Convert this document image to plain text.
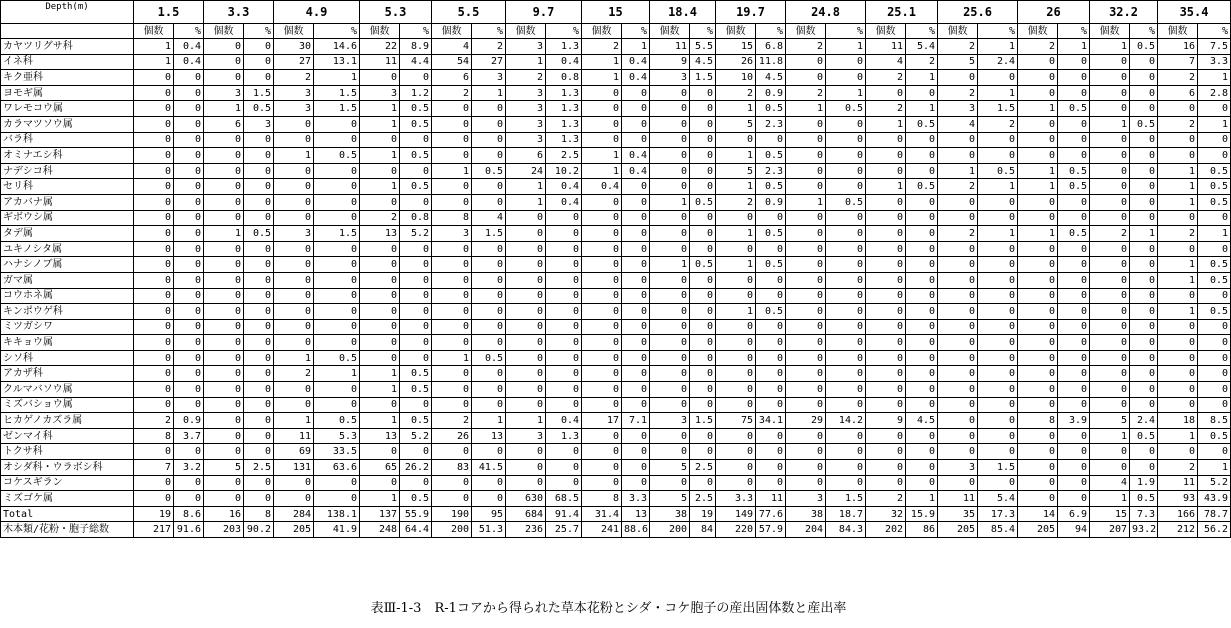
Depth(m)	1.5		3.3		4.9		5.3		5.5		9.7		15		18.4		19.7		24.8		25.1		25.6		26		32.2		35.4	
	個数	%	個数	%	個数	%	個数	%	個数	%	個数	%	個数	%	個数	%	個数	%	個数	%	個数	%	個数	%	個数	%	個数	%	個数	%
カヤツリグサ科	1	0.4	0	0	30	14.6	22	8.9	4	2	3	1.3	2	1	11	5.5	15	6.8	2	1	11	5.4	2	1	2	1	1	0.5	16	7.5
イネ科	1	0.4	0	0	27	13.1	11	4.4	54	27	1	0.4	1	0.4	9	4.5	26	11.8	0	0	4	2	5	2.4	0	0	0	0	7	3.3
キク亜科	0	0	0	0	2	1	0	0	6	3	2	0.8	1	0.4	3	1.5	10	4.5	0	0	2	1	0	0	0	0	0	0	2	1
ヨモギ属	0	0	3	1.5	3	1.5	3	1.2	2	1	3	1.3	0	0	0	0	2	0.9	2	1	0	0	2	1	0	0	0	0	6	2.8
ワレモコウ属	0	0	1	0.5	3	1.5	1	0.5	0	0	3	1.3	0	0	0	0	1	0.5	1	0.5	2	1	3	1.5	1	0.5	0	0	0	0
カラマツソウ属	0	0	6	3	0	0	1	0.5	0	0	3	1.3	0	0	0	0	5	2.3	0	0	1	0.5	4	2	0	0	1	0.5	2	1
バラ科	0	0	0	0	0	0	0	0	0	0	3	1.3	0	0	0	0	0	0	0	0	0	0	0	0	0	0	0	0	0	0
オミナエシ科	0	0	0	0	1	0.5	1	0.5	0	0	6	2.5	1	0.4	0	0	1	0.5	0	0	0	0	0	0	0	0	0	0	0	0
ナデシコ科	0	0	0	0	0	0	0	0	1	0.5	24	10.2	1	0.4	0	0	5	2.3	0	0	0	0	1	0.5	1	0.5	0	0	1	0.5
セリ科	0	0	0	0	0	0	1	0.5	0	0	1	0.4	0.4	0	0	0	1	0.5	0	0	1	0.5	2	1	1	0.5	0	0	1	0.5
アカバナ属	0	0	0	0	0	0	0	0	0	0	1	0.4	0	0	1	0.5	2	0.9	1	0.5	0	0	0	0	0	0	0	0	1	0.5
ギボウシ属	0	0	0	0	0	0	2	0.8	8	4	0	0	0	0	0	0	0	0	0	0	0	0	0	0	0	0	0	0	0	0
タデ属	0	0	1	0.5	3	1.5	13	5.2	3	1.5	0	0	0	0	0	0	1	0.5	0	0	0	0	2	1	1	0.5	2	1	2	1
ユキノシタ属	0	0	0	0	0	0	0	0	0	0	0	0	0	0	0	0	0	0	0	0	0	0	0	0	0	0	0	0	0	0
ハナシノブ属	0	0	0	0	0	0	0	0	0	0	0	0	0	0	1	0.5	1	0.5	0	0	0	0	0	0	0	0	0	0	1	0.5
ガマ属	0	0	0	0	0	0	0	0	0	0	0	0	0	0	0	0	0	0	0	0	0	0	0	0	0	0	0	0	1	0.5
コウホネ属	0	0	0	0	0	0	0	0	0	0	0	0	0	0	0	0	0	0	0	0	0	0	0	0	0	0	0	0	0	0
キンポウゲ科	0	0	0	0	0	0	0	0	0	0	0	0	0	0	0	0	1	0.5	0	0	0	0	0	0	0	0	0	0	1	0.5
ミツガシワ	0	0	0	0	0	0	0	0	0	0	0	0	0	0	0	0	0	0	0	0	0	0	0	0	0	0	0	0	0	0
キキョウ属	0	0	0	0	0	0	0	0	0	0	0	0	0	0	0	0	0	0	0	0	0	0	0	0	0	0	0	0	0	0
シソ科	0	0	0	0	1	0.5	0	0	1	0.5	0	0	0	0	0	0	0	0	0	0	0	0	0	0	0	0	0	0	0	0
アカザ科	0	0	0	0	2	1	1	0.5	0	0	0	0	0	0	0	0	0	0	0	0	0	0	0	0	0	0	0	0	0	0
クルマバソウ属	0	0	0	0	0	0	1	0.5	0	0	0	0	0	0	0	0	0	0	0	0	0	0	0	0	0	0	0	0	0	0
ミズバショウ属	0	0	0	0	0	0	0	0	0	0	0	0	0	0	0	0	0	0	0	0	0	0	0	0	0	0	0	0	0	0
ヒカゲノカズラ属	2	0.9	0	0	1	0.5	1	0.5	2	1	1	0.4	17	7.1	3	1.5	75	34.1	29	14.2	9	4.5	0	0	8	3.9	5	2.4	18	8.5
ゼンマイ科	8	3.7	0	0	11	5.3	13	5.2	26	13	3	1.3	0	0	0	0	0	0	0	0	0	0	0	0	0	0	1	0.5	1	0.5
トクサ科	0	0	0	0	69	33.5	0	0	0	0	0	0	0	0	0	0	0	0	0	0	0	0	0	0	0	0	0	0	0	0
オシダ科・ウラボシ科	7	3.2	5	2.5	131	63.6	65	26.2	83	41.5	0	0	0	0	5	2.5	0	0	0	0	0	0	3	1.5	0	0	0	0	2	1
コケスギラン	0	0	0	0	0	0	0	0	0	0	0	0	0	0	0	0	0	0	0	0	0	0	0	0	0	0	4	1.9	11	5.2
ミズゴケ属	0	0	0	0	0	0	1	0.5	0	0	630	68.5	8	3.3	5	2.5	3.3	11	3	1.5	2	1	11	5.4	0	0	1	0.5	93	43.9
Total	19	8.6	16	8	284	138.1	137	55.9	190	95	684	91.4	31.4	13	38	19	149	77.6	38	18.7	32	15.9	35	17.3	14	6.9	15	7.3	166	78.7
木本類/花粉・胞子総数	217	91.6	203	90.2	205	41.9	248	64.4	200	51.3	236	25.7	241	88.6	200	84	220	57.9	204	84.3	202	86	205	85.4	205	94	207	93.2	212	56.2
表Ⅲ-1-3　R-1コアから得られた草本花粉とシダ・コケ胞子の産出固体数と産出率
